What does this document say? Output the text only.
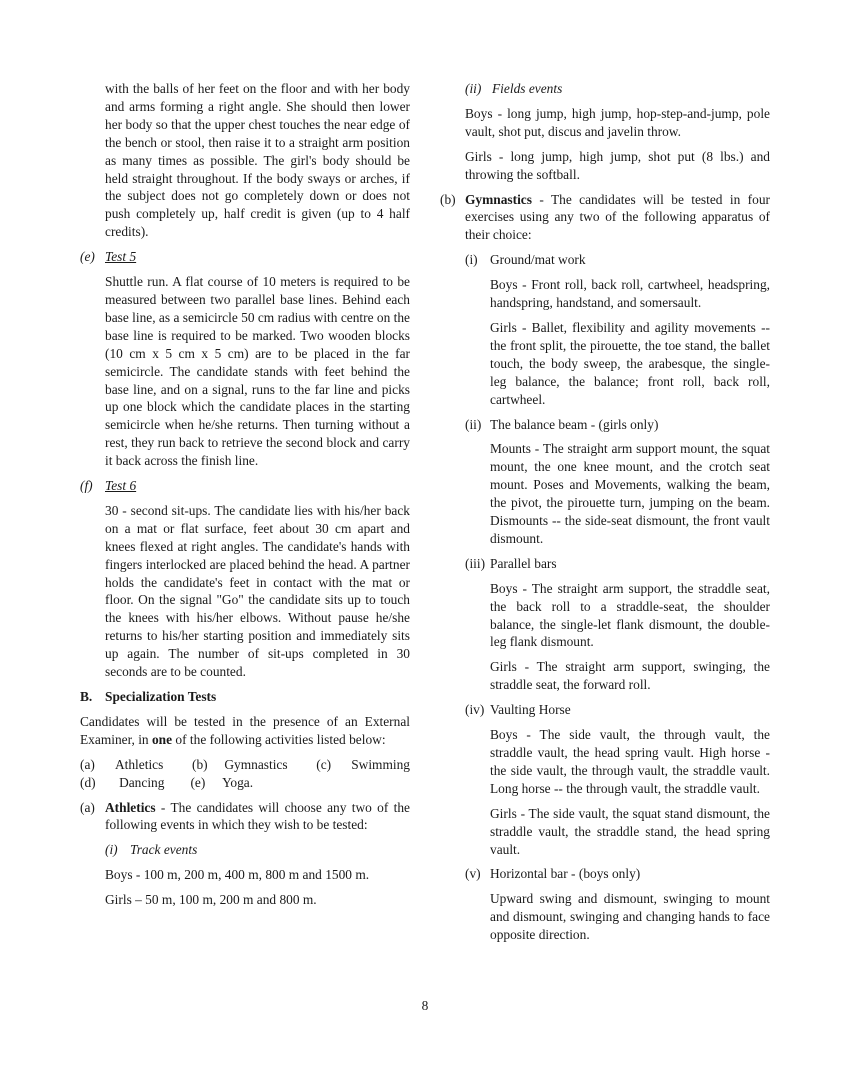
with the balls of her feet on the floor and with her body and arms forming a right angle. She should then lower her body so that the upper chest touches the near edge of the bench or stool, then raise it to a straight arm position as many times as possible. The girl's body should be held straight throughout. If the body sways or arches, if the subject does not go completely down or does not push completely up, half credit is given (up to 4 half credits).

(e) Test 5

Shuttle run. A flat course of 10 meters is required to be measured between two parallel base lines. Behind each base line, as a semicircle 50 cm radius with centre on the base line is required to be marked. Two wooden blocks (10 cm x 5 cm x 5 cm) are to be placed in the far semicircle. The candidate stands with feet behind the base line, and on a signal, runs to the far line and picks up one block which the candidate places in the starting semicircle when he/she returns. Then turning without a rest, they run back to retrieve the second block and carry it back across the finish line.

(f) Test 6

30 - second sit-ups. The candidate lies with his/her back on a mat or flat surface, feet about 30 cm apart and knees flexed at right angles. The candidate's hands with fingers interlocked are placed behind the head. A partner holds the candidate's feet in contact with the mat or floor. On the signal "Go" the candidate sits up to touch the knees with his/her elbows. Without pause he/she returns to his/her starting position and immediately sits up again. The number of sit-ups completed in 30 seconds are to be counted.

B. Specialization Tests

Candidates will be tested in the presence of an External Examiner, in one of the following activities listed below:

(a) Athletics (b) Gymnastics (c) Swimming
(d) Dancing (e) Yoga.
(a) Athletics - The candidates will choose any two of the following events in which they wish to be tested:

(i) Track events

Boys - 100 m, 200 m, 400 m, 800 m and 1500 m.

Girls – 50 m, 100 m, 200 m and 800 m.

(ii) Fields events

Boys - long jump, high jump, hop-step-and-jump, pole vault, shot put, discus and javelin throw.

Girls - long jump, high jump, shot put (8 lbs.) and throwing the softball.

(b) Gymnastics - The candidates will be tested in four exercises using any two of the following apparatus of their choice:

(i) Ground/mat work

Boys - Front roll, back roll, cartwheel, headspring, handspring, handstand, and somersault.

Girls - Ballet, flexibility and agility movements -- the front split, the pirouette, the toe stand, the ballet touch, the body sweep, the arabesque, the single- leg balance, the balance; front roll, back roll, cartwheel.

(ii) The balance beam - (girls only)

Mounts - The straight arm support mount, the squat mount, the one knee mount, and the crotch seat mount. Poses and Movements, walking the beam, the pivot, the pirouette turn, jumping on the beam. Dismounts -- the side-seat dismount, the front vault dismount.

(iii) Parallel bars

Boys - The straight arm support, the straddle seat, the back roll to a straddle-seat, the shoulder balance, the single-let flank dismount, the double-leg flank dismount.

Girls - The straight arm support, swinging, the straddle seat, the forward roll.

(iv) Vaulting Horse

Boys - The side vault, the through vault, the straddle vault, the head spring vault. High horse - the side vault, the through vault, the straddle vault. Long horse -- the through vault, the straddle vault.

Girls - The side vault, the squat stand dismount, the straddle vault, the straddle stand, the head spring vault.

(v) Horizontal bar - (boys only)

Upward swing and dismount, swinging to mount and dismount, swinging and changing hands to face opposite direction.

8
